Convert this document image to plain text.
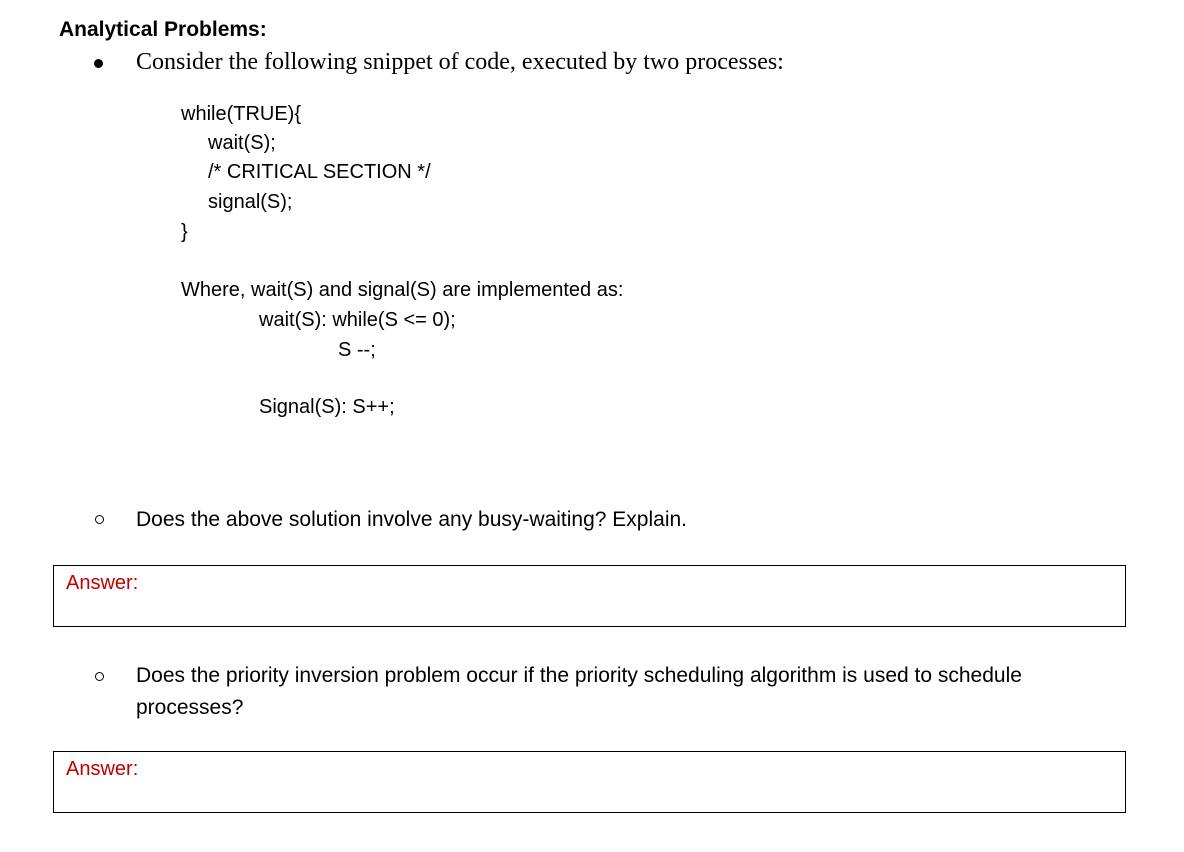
Analytical Problems:
Consider the following snippet of code, executed by two processes:
while(TRUE){
wait(S);
/* CRITICAL SECTION */
signal(S);
}
Where, wait(S) and signal(S) are implemented as:
wait(S): while(S <= 0);
S --;
Signal(S): S++;
Does the above solution involve any busy-waiting? Explain.
Answer:
Does the priority inversion problem occur if the priority scheduling algorithm is used to schedule
processes?
Answer:
